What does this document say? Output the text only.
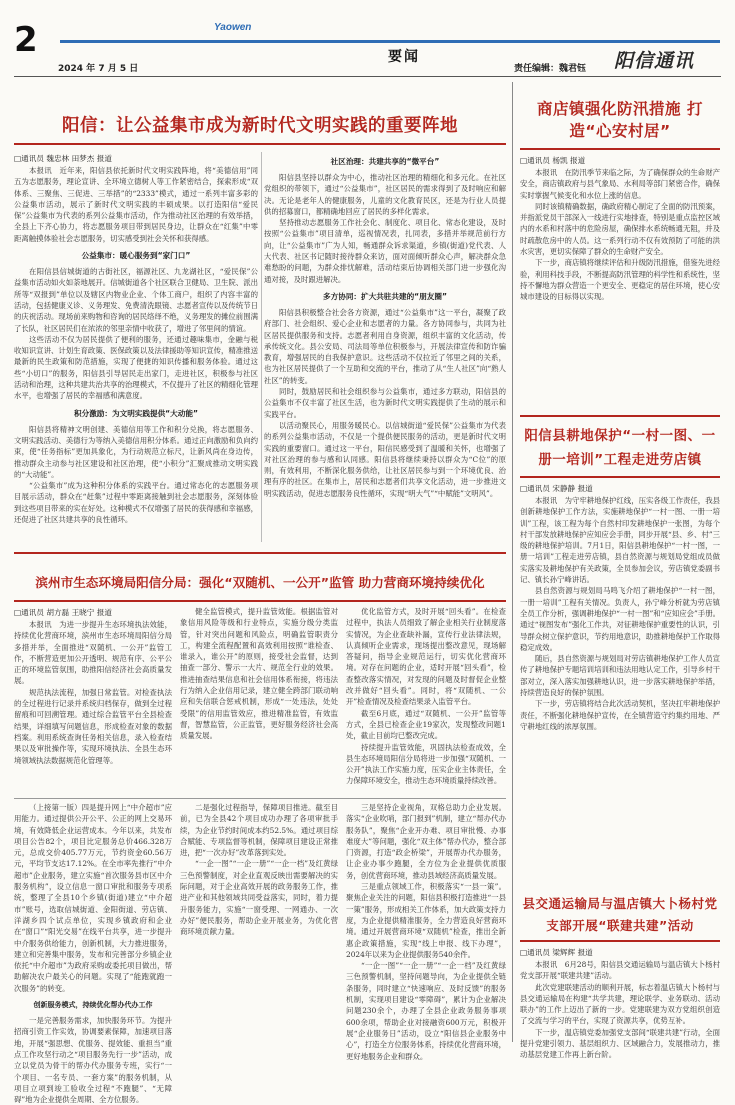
2	Yaowen
要闻
2024 年 7 月 5 日	责任编辑：魏君钰 阳信通讯
阳信：让公益集市成为新时代文明实践的重要阵地
□通讯员 魏忠林 田梦杰 报道

本报讯　近年来，阳信县依托新时代文明实践阵地，将“美德信用”同五为志愿服务，理论宣讲、全环境立德树人等工作紧密结合，探索形成“双体系、三聚焦、三促进、三举措”的“2333”模式，通过一系列丰富多彩的公益集市活动，展示了新时代文明实践的丰硕成果。以打造阳信“爱民保”公益集市为代表的系列公益集市活动，作为推动社区治理的有效举措，全县上下齐心协力，将志愿服务项目带到居民身边，让群众在“红集”中零距离触摸体验社会志愿服务，切实感受到社会关怀和获得感。

公益集市：暖心服务到“家门口”

在阳信县信城街道的古街社区，福源社区、九龙湖社区，“爱民保”公益集市活动如火如荼地展开。信城街道各个社区联合卫健局、卫生院、派出所等“双报到”单位以及辖区内物业企业、个体工商户，组织了内容丰富的活动，包括健康义诊、义务理发、免费清洗眼镜、志愿者宣传以及传统节日的庆祝活动。现场前来购物和咨询的居民络绎不绝，义务理发的摊位前围满了长队，社区居民们在浓浓的邻里亲情中收获了，增进了邻里间的情谊。

这些活动不仅为居民提供了便利的服务，还通过趣味集市，金融与税收知识宣讲、计划生育政策、医保政策以及法律援助等知识宣传，精准推送最新的民生政策和防范措施，实现了便捷的知识传播和服务体验。通过这些“小切口”的服务，阳信县引导居民走出家门，走进社区，积极参与社区活动和治理，这种共建共治共享的治理模式，不仅提升了社区的精细化管理水平，也增强了居民的幸福感和满意度。

积分激励：为文明实践提供“大动能”

阳信县将精神文明创建、美德信用等工作和积分兑换，将志愿服务、文明实践活动、美德行为等纳入美德信用积分体系。通过正向激励和负向约束，使“任务指标”更加具象化，为行动规范立标尺，让新风尚在身边传，推动群众主动参与社区建设和社区治理，使“小积分”汇聚成推动文明实践的“大动能”。

“公益集市”成为这种积分体系的实践平台。通过常态化的志愿服务项目展示活动，群众在“赶集”过程中零距离接触到社会志愿服务，深刻体验到这些项目带来的实在好处。这种模式不仅增强了居民的获得感和幸福感，还促进了社区共建共享的良性循环。

社区治理：共建共享的“微平台”

阳信县坚持以群众为中心，推动社区治理的精细化和多元化。在社区党组织的带领下，通过“公益集市”，社区居民的需求得到了及时响应和解决。无论是老年人的健康服务，儿童的文化教育民区，还是为行业人员提供的招募窗口，都精确地回应了居民的多样化需求。

坚持推动志愿服务工作社会化、制度化、项目化、常态化建设，及时按照“公益集市”项目清单，巡视情况表，扎同表，多措并举规范前行方向，让“公益集市”广为人知，畅通群众诉求渠道，乡镇(街道)党代表、人大代表、社区书记随时接待群众来访，面对面倾听群众心声，解决群众急难愁盼的问题，为群众排忧解难，活动结束后协调相关部门进一步强化沟通对接，及时跟进解决。

多方协同：扩大共驻共建的“朋友圈”

阳信县积极整合社会各方资源，通过“公益集市”这一平台，凝聚了政府部门、社会组织、爱心企业和志愿者的力量。各方协同参与，共同为社区居民提供服务和支持。志愿者利用自身资源，组织丰富的文化活动，传承传统文化。县公安局、司法局等单位积极参与，开展法律宣传和防诈骗教育，增强居民的自我保护意识。这些活动不仅拉近了邻里之间的关系，也为社区居民提供了一个互助和交流的平台，推动了从“生人社区”向“熟人社区”的转变。

同时，鼓励居民和社会组织参与公益集市，通过多方联动，阳信县的公益集市不仅丰富了社区生活，也为新时代文明实践提供了生动的展示和实践平台。

以活动聚民心，用服务暖民心。以信城街道“爱民保”公益集市为代表的系列公益集市活动，不仅是一个提供便民服务的活动，更是新时代文明实践的重要窗口。通过这一平台，阳信民感受到了温暖和关怀，也增强了对社区治理的参与感和认同感。阳信县将继续秉持以群众为“C位”的原则，有效利用，不断深化服务供给，让社区居民参与到一个环境优良、治理有序的社区。在集市上，居民和志愿者们共享文化活动，进一步推进文明实践活动，促进志愿服务良性循环，实现“明大气”“中赋能”文明风”。

滨州市生态环境局阳信分局：强化“双随机、一公开”监管 助力营商环境持续优化
□通讯员 胡方磊 王晓宁 报道

本报讯　为进一步提升生态环境执法效能，持续优化营商环境，滨州市生态环境局阳信分局多措并举，全面推进“双随机、一公开”监管工作，不断营造更加公开透明、规范有序、公平公正的环境监管氛围，助推阳信经济社会高质量发展。

规范执法流程，加强日常监管。对检查执法的全过程进行记录并系统归档保存，做到全过程留痕和可回溯管理。通过综合监管平台全县检查结果，详细填写问题信息，形成检查对象的数据档案。利用系统查询任务相关信息，录入检查结果以及审批操作等，实现环境执法、全县生态环境领域执法数据规范化管理等。

健全监管模式，提升监管效能。根据监管对象信用风险等级和行业特点，实施分级分类监管，针对突出问题和风险点，明确监管职责分工，构建全流程配置和高效利用按照“谁检查、谁录入，谁公开”的原则，接受社会监督，达到抽查一部分、警示一大片、规范全行业的效果。推进抽查结果信息和社会信用体系衔接，将违法行为纳入企业信用记录，建立健全跨部门联动响应和失信联合惩戒机制，形成“一处违法，处处受限”的信用监管效应，推进精准监管，有效监督，智慧监管，公正监管，更好服务经济社会高质量发展。

优化监管方式，及时开展“回头看”。在检查过程中，执法人员细致了解企业相关行业制度落实情况，为企业查缺补漏，宣传行业法律法规，认真倾听企业需求，现场提出整改意见，现场解答疑问，指导企业规范运行，切实优化营商环境。对存在问题的企业，适时开展“回头看”，检查整改落实情况，对发现的问题及时督促企业整改并做好“回头看”。同时，将“双随机、一公开”检查情况及检查结果录入监管平台。

截至6月底，通过“双随机、一公开”监管等方式，全县已检查企业19家次，发现整改问题1处，截止目前均已整改完成。

持续提升监管效能，巩固执法检查成效，全县生态环境局阳信分局将进一步加强“双随机、一公开”执法工作实施力度，压实企业主体责任，全力保障环境安全，推动生态环境质量持续改善。

（上接第一版）四是提升网上“中介超市”应用能力。通过提供公开公平、公正的网上交易环境，有效降低企业运营成本。今年以来，共发布项目公告82个，项目比定服务总价466.328万元，总成交价405.77万元，节约资金60.56万元，平均节支达17.12%。在全市率先推行“中介超市”企业服务，建立实施“首次服务县市区中介服务机构”，设立信息一窗口审批和服务专项系统，整理了全县10个乡镇(街道)建立“中介超市”账号，选取信城街道、金阳街道、劳店镇、洋湖乡四个试点单位，实现乡镇政府和企业在“窗口”“阳光交易”在线平台共享，进一步提升中介服务供给能力，创新机制，大力推进服务，建立和完善集中服务，发布和完善部分乡镇企业依托“中介超市”为政府采购或委托项目做出，帮助解决农户最关心的问题。实现了“能跑就跑一次服务”的转变。

创新服务模式，持续优化帮办代办工作

一是完善服务需求，加快服务环节。为提升招商引资工作实效，协调要素保障，加速项目落地，开展“强思想、优服务、提效能、重担当”重点工作攻坚行动之“项目服务先行一步”活动，成立以党员为骨干的帮办代办服务专班，实行“一个项目、一名专员、一套方案”的服务机制，从项目立项到竣工验收全过程“不跑腿”、“无障碍”地为企业提供全周期、全方位服务。

二是强化过程指导，保障项目推进。截至目前，已为全县42个项目成功办理了各项审批手续，为企业节约时间成本约52.5%。通过项目综合赋能、专项监督等机制，保障项目建设正常推进，把“一次办好”改革落到实处。

“一企一图”“一企一册”“一企一档”及红黄绿三色预警制度，对企业直观反映出需要解决的实际问题，对于企业高效开展的政务服务工作，推进产业和其他领域共同受益落实，同时，着力提升服务能力，实施“一窗受理、一网通办、一次办好”便民服务，帮助企业开展业务，为优化营商环境贡献力量。

三是坚持企业视角，双格总助力企业发展。落实“企业吹哨，部门报到”机制，建立“帮办代办服务队”，聚焦“企业开办难、项目审批慢、办事难度大”等问题，强化“双主体”帮办代办，整合部门资源，打造“政企桥梁”，开展帮办代办服务，让企业办事少跑腿，全方位为企业提供优质服务，创优营商环境，推动县域经济高质量发展。

三是重点领域工作，积极落实“一县一策”。聚焦企业关注的问题，阳信县积极打造推进“一县一策”服务，形成相关工作体系，加大政策支持力度，为企业提供精准服务，全力营造良好营商环境。通过开展营商环境“双随机”检查，推出全新惠企政策措施，实现“线上申报、线下办理”，2024年以来为企业提供服务540余件。

“一企一图”“一企一册”“一企一档”及红黄绿三色预警机制，坚持问题导向，为企业提供全链条服务，同时建立“快速响应、及时反馈”的服务机制，实现项目建设“零障碍”，累计为企业解决问题230余个，办理了全县企业政务服务事项600余项，帮助企业对接融资600万元，积极开展“企业服务日”活动，设立“阳信县企业服务中心”，打造全方位服务体系，持续优化营商环境，更好地服务企业和群众。

商店镇强化防汛措施 打造“心安村居”
□通讯员 杨凯 报道

本报讯　在防汛季节来临之际，为了确保群众的生命财产安全，商店镇政府与县气象局、水利局等部门紧密合作，确保实时掌握气候变化和水位上涨的信息。

同时该镇精确数据，确政府精心制定了全面的防汛预案，并指派党员干部深入一线进行实地排查，特别是重点监控区域内的水系和村落中的危险房屋，确保排水系统畅通无阻，并及时疏散危房中的人员。这一系列行动不仅有效预防了可能的洪水灾害，更切实保障了群众的生命财产安全。

下一步，商店镇将继续评估和升级防汛措施，借鉴先进经验，利用科技手段，不断提高防汛管理的科学性和系统性，坚持不懈地为群众营造一个更安全、更稳定的居住环境，使心安城市建设的目标得以实现。

阳信县耕地保护“一村一图、一册一培训”工程走进劳店镇
□通讯员 宋静静 报道

本报讯　为守牢耕地保护红线，压实各级工作责任，我县创新耕地保护工作方法，实施耕地保护“一村一图、一册一培训”工程，该工程为每个自然村印发耕地保护一张图，为每个村干部发放耕地保护应知应会手册，同步开展“县、乡、村”三级的耕地保护培训。7月1日，阳信县耕地保护“一村一图，一册一培训”工程走进劳店镇，县自然资源与规划局党组成员做实落实及耕地保护有关政策，全员参加会议，劳店镇党委副书记、镇长孙宁峰讲话。

县自然资源与规划局马鸣飞介绍了耕地保护“一村一图，一册一培训”工程有关情况。负责人，孙宁峰分析就为劳店镇全员工作分析，强调耕地保护“一村一图”和“应知应会”手册。通过“视图发布”强化工作共，对征耕地保护重要性的认识，引导群众树立保护意识，节约用地意识，助推耕地保护工作取得稳定成效。

随后，县自然资源与规划局对劳店镇耕地保护工作人员宣传了耕地保护专题培训培训和违法用地认定工作，引导乡村干部对立，深入落实加强耕地认识，进一步落实耕地保护举措，持续营造良好的保护氛围。

下一步，劳店镇将结合此次活动契机，坚决扛牢耕地保护责任，不断强化耕地保护宣传，在全镇营造守约集约用地、严守耕地红线的浓厚氛围。

县交通运输局与温店镇大卜杨村党支部开展“联建共建”活动
□通讯员 梁辉辉 报道

本报讯　6月28号，阳信县交通运输局与温店镇大卜杨村党支部开展“联建共建”活动。

此次党建联建活动的顺利开展，标志着温店镇大卜杨村与县交通运输局在构建“共学共建，理论联学、业务联动、活动联办”的工作上迈出了新的一步。党建联建为双方党组织创造了交流与学习的平台，实现了资源共享，优势互补。

下一步，温店镇党委加强党支部间“联建共建”行动，全面提升党建引领力、基层组织力、区域融合力，发展推动力，推动基层党建工作再上新台阶。
